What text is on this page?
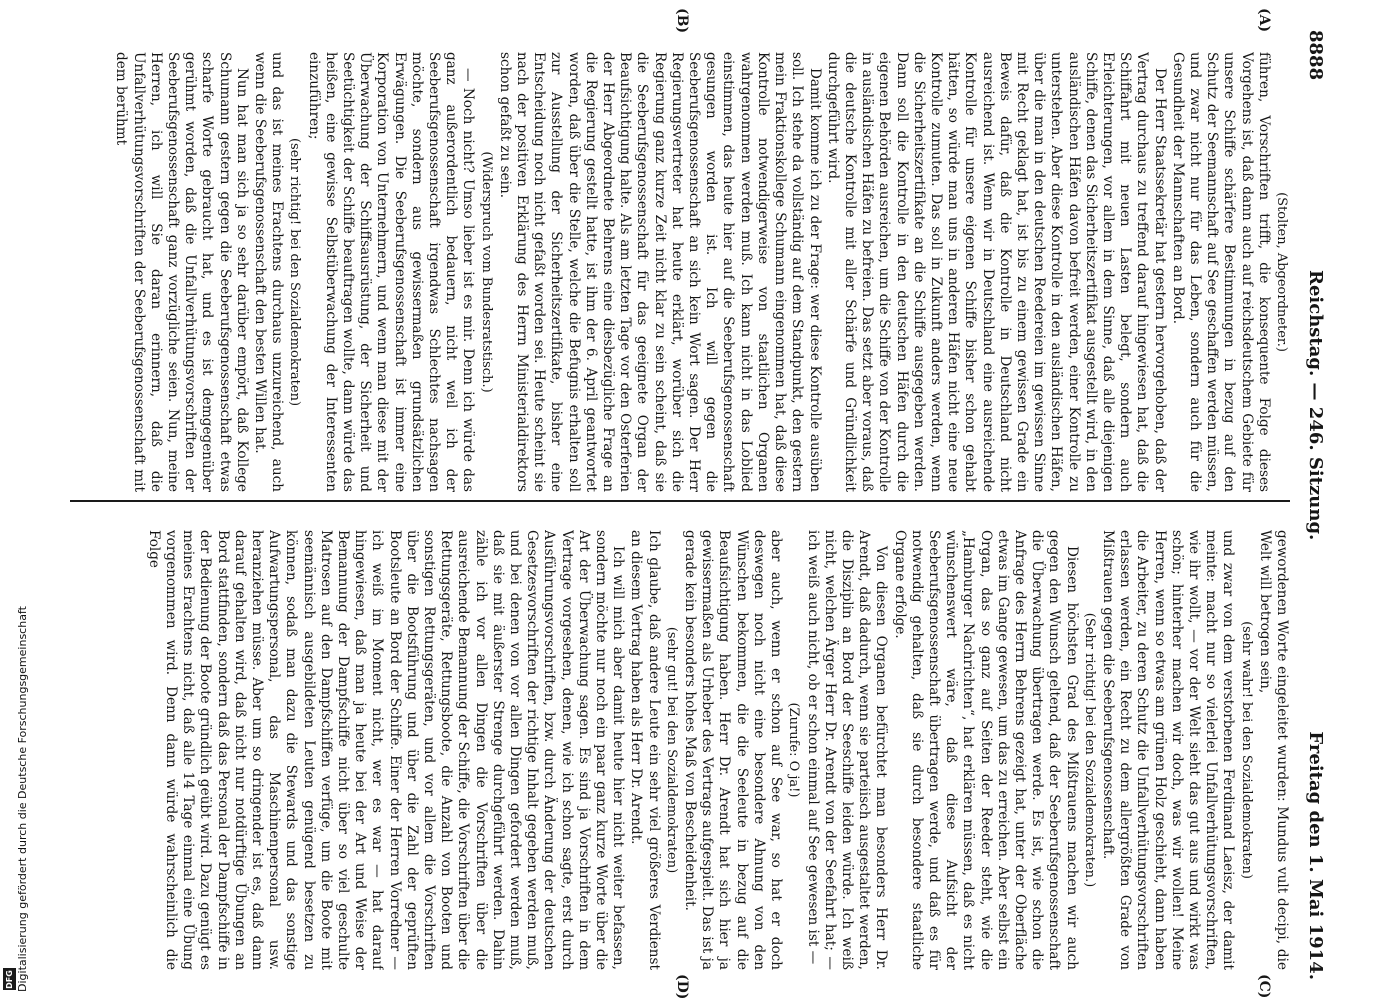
8888
Reichstag. — 246. Sitzung.
Freitag den 1. Mai 1914.
(A)
(B)
(C)
(D)

(Stolten, Abgeordneter.)

führen, Vorschriften trifft, die konsequente Folge dieses Vorgehens ist, daß dann auch auf reichsdeutschem Gebiete für unsere Schiffe schärfere Bestimmungen in bezug auf den Schutz der Seemannschaft auf See geschaffen werden müssen, und zwar nicht nur für das Leben, sondern auch für die Gesundheit der Mannschaften an Bord.

Der Herr Staatssekretär hat gestern hervorgehoben, daß der Vertrag durchaus zu treffend darauf hingewiesen hat, daß die Schiffahrt mit neuen Lasten belegt, sondern auch Erleichterungen, vor allem in dem Sinne, daß alle diejenigen Schiffe, denen das Sicherheitszertifikat ausgestellt wird, in den ausländischen Häfen davon befreit werden, einer Kontrolle zu unterstehen. Aber diese Kontrolle in den ausländischen Häfen, über die man in den deutschen Reedereien im gewissen Sinne mit Recht geklagt hat, ist bis zu einem gewissen Grade ein Beweis dafür, daß die Kontrolle in Deutschland nicht ausreichend ist. Wenn wir in Deutschland eine ausreichende Kontrolle für unsere eigenen Schiffe bisher schon gehabt hätten, so würde man uns in anderen Häfen nicht eine neue Kontrolle zumuten. Das soll in Zukunft anders werden, wenn die Sicherheitszertifikate an die Schiffe ausgegeben werden. Dann soll die Kontrolle in den deutschen Häfen durch die eigenen Behörden ausreichen, um die Schiffe von der Kontrolle in ausländischen Häfen zu befreien. Das setzt aber voraus, daß die deutsche Kontrolle mit aller Schärfe und Gründlichkeit durchgeführt wird.

Damit komme ich zu der Frage: wer diese Kontrolle ausüben soll. Ich stehe da vollständig auf dem Standpunkt, den gestern mein Fraktionskollege Schumann eingenommen hat, daß diese Kontrolle notwendigerweise von staatlichen Organen wahrgenommen werden muß. Ich kann nicht in das Loblied einstimmen, das heute hier auf die Seeberufsgenossenschaft gesungen worden ist. Ich will gegen die Seeberufsgenossenschaft an sich kein Wort sagen. Der Herr Regierungsvertreter hat heute erklärt, worüber sich die Regierung ganz kurze Zeit nicht klar zu sein scheint, daß sie die Seeberufsgenossenschaft für das geeignete Organ der Beaufsichtigung halte. Als am letzten Tage vor den Osterferien der Herr Abgeordnete Behrens eine diesbezügliche Frage an die Regierung gestellt hatte, ist ihm der 6. April geantwortet worden, daß über die Stelle, welche die Befugnis erhalten soll zur Ausstellung der Sicherheitszertifikate, bisher eine Entscheidung noch nicht gefaßt worden sei. Heute scheint sie nach der positiven Erklärung des Herrn Ministerialdirektors schon gefaßt zu sein.

(Widerspruch vom Bundesratstisch.)

— Noch nicht? Umso lieber ist es mir. Denn ich würde das ganz außerordentlich bedauern, nicht weil ich der Seeberufsgenossenschaft irgendwas Schlechtes nachsagen möchte, sondern aus gewissermaßen grundsätzlichen Erwägungen. Die Seeberufsgenossenschaft ist immer eine Korporation von Unternehmern, und wenn man diese mit der Überwachung der Schiffsausrüstung, der Sicherheit und Seetüchtigkeit der Schiffe beauftragen wollte, dann würde das heißen, eine gewisse Selbstüberwachung der Interessenten einzuführen;

(sehr richtig! bei den Sozialdemokraten)

und das ist meines Erachtens durchaus unzureichend, auch wenn die Seeberufsgenossenschaft den besten Willen hat.

Nun hat man sich ja so sehr darüber empört, daß Kollege Schumann gestern gegen die Seeberufsgenossenschaft etwas scharfe Worte gebraucht hat, und es ist demgegenüber gerühmt worden, daß die Unfallverhütungsvorschriften der Seeberufsgenossenschaft ganz vorzügliche seien. Nun, meine Herren, ich will Sie daran erinnern, daß die Unfallverhütungsvorschriften der Seeberufsgenossenschaft mit dem berühmt

gewordenen Worte eingeleitet wurden: Mundus vult decipi, die Welt will betrogen sein,

(sehr wahr! bei den Sozialdemokraten)

und zwar von dem verstorbenen Ferdinand Laeisz, der damit meinte: macht nur so vielerlei Unfallverhütungsvorschriften, wie ihr wollt, — vor der Welt sieht das gut aus und wirkt was schön; hinterher machen wir doch, was wir wollen! Meine Herren, wenn so etwas am grünen Holz geschieht, dann haben die Arbeiter, zu deren Schutz die Unfallverhütungsvorschriften erlassen werden, ein Recht zu dem allergrößten Grade von Mißtrauen gegen die Seeberufsgenossenschaft.

(Sehr richtig! bei den Sozialdemokraten.)

Diesen höchsten Grad des Mißtrauens machen wir auch gegen den Wunsch geltend, daß der Seeberufsgenossenschaft die Überwachung übertragen werde. Es ist, wie schon die Anfrage des Herrn Behrens gezeigt hat, unter der Oberfläche etwas im Gange gewesen, um das zu erreichen. Aber selbst ein Organ, das so ganz auf Seiten der Reeder steht, wie die „Hamburger Nachrichten“, hat erklären müssen, daß es nicht wünschenswert wäre, daß diese Aufsicht der Seeberufsgenossenschaft übertragen werde, und daß es für notwendig gehalten, daß sie durch besondere staatliche Organe erfolge.

Von diesen Organen befürchtet man besonders Herr Dr. Arendt, daß dadurch, wenn sie parteiisch ausgestaltet werden, die Disziplin an Bord der Seeschiffe leiden würde. Ich weiß nicht, welchen Ärger Herr Dr. Arendt von der Seefahrt hat; — ich weiß auch nicht, ob er schon einmal auf See gewesen ist —

(Zurufe: O ja!)

aber auch, wenn er schon auf See war, so hat er doch deswegen noch nicht eine besondere Ahnung von den Wünschen bekommen, die die Seeleute in bezug auf die Beaufsichtigung haben. Herr Dr. Arendt hat sich hier ja gewissermaßen als Urheber des Vertrags aufgespielt. Das ist ja gerade kein besonders hohes Maß von Bescheidenheit.

(sehr gut! bei den Sozialdemokraten)

Ich glaube, daß andere Leute ein sehr viel größeres Verdienst an diesem Vertrag haben als Herr Dr. Arendt.

Ich will mich aber damit heute hier nicht weiter befassen, sondern möchte nur noch ein paar ganz kurze Worte über die Art der Überwachung sagen. Es sind ja Vorschriften in dem Vertrage vorgesehen, denen, wie ich schon sagte, erst durch Ausführungsvorschriften, bzw. durch Änderung der deutschen Gesetzesvorschriften der richtige Inhalt gegeben werden muß, und bei denen von vor allen Dingen gefordert werden muß, daß sie mit äußerster Strenge durchgeführt werden. Dahin zähle ich vor allen Dingen die Vorschriften über die ausreichende Bemannung der Schiffe, die Vorschriften über die Rettungsgeräte, Rettungsboote, die Anzahl von Booten und sonstigen Rettungsgeräten, und vor allem die Vorschriften über die Bootsführung und über die Zahl der geprüften Bootsleute an Bord der Schiffe. Einer der Herren Vorredner — ich weiß im Moment nicht, wer es war — hat darauf hingewiesen, daß man ja heute bei der Art und Weise der Bemannung der Dampfschiffe nicht über so viel geschulte Matrosen auf den Dampfschiffen verfüge, um die Boote mit seemännisch ausgebildeten Leuten genügend besetzen zu können, sodaß man dazu die Stewards und das sonstige Aufwartungspersonal, das Maschinenpersonal usw. heranziehen müsse. Aber um so dringender ist es, daß dann darauf gehalten wird, daß nicht nur notdürftige Übungen an Bord stattfinden, sondern daß das Personal der Dampfschiffe in der Bedienung der Boote gründlich geübt wird. Dazu genügt es meines Erachtens nicht, daß alle 14 Tage einmal eine Übung vorgenommen wird. Denn dann würde wahrscheinlich die Folge

DFG Digitalisierung gefördert durch die Deutsche Forschungsgemeinschaft
